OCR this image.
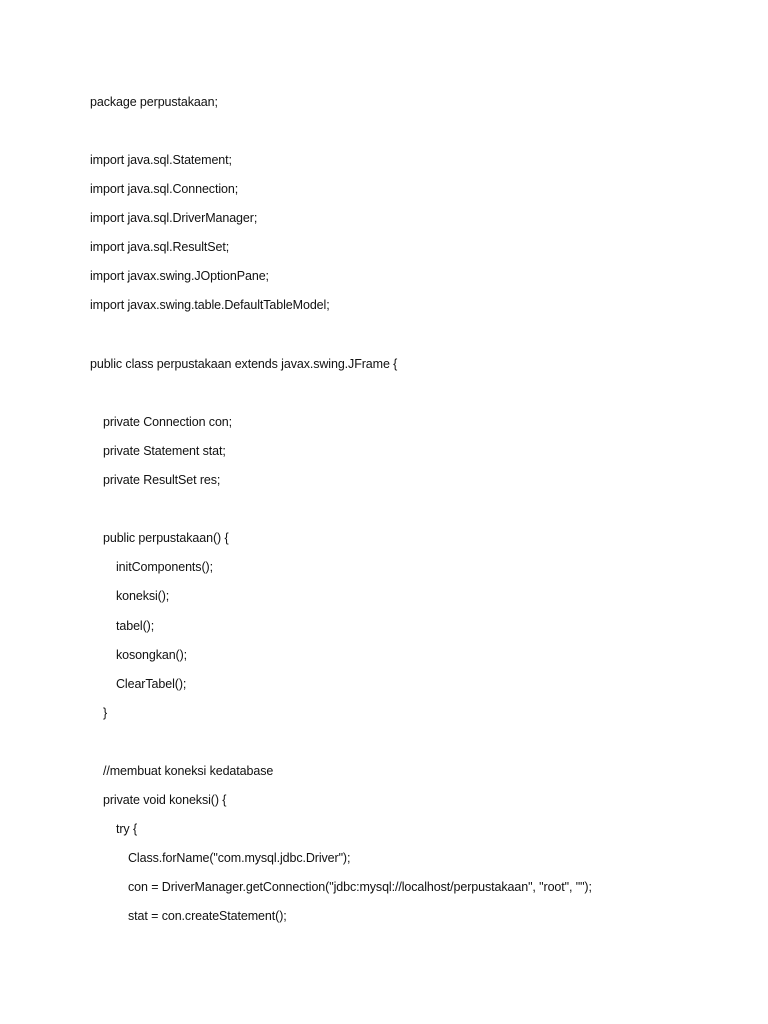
package perpustakaan;
import java.sql.Statement;
import java.sql.Connection;
import java.sql.DriverManager;
import java.sql.ResultSet;
import javax.swing.JOptionPane;
import javax.swing.table.DefaultTableModel;
public class perpustakaan extends javax.swing.JFrame {
private Connection con;
private Statement stat;
private ResultSet res;
public perpustakaan() {
initComponents();
koneksi();
tabel();
kosongkan();
ClearTabel();
}
//membuat koneksi kedatabase
private void koneksi() {
try {
Class.forName("com.mysql.jdbc.Driver");
con = DriverManager.getConnection("jdbc:mysql://localhost/perpustakaan", "root", "");
stat = con.createStatement();
